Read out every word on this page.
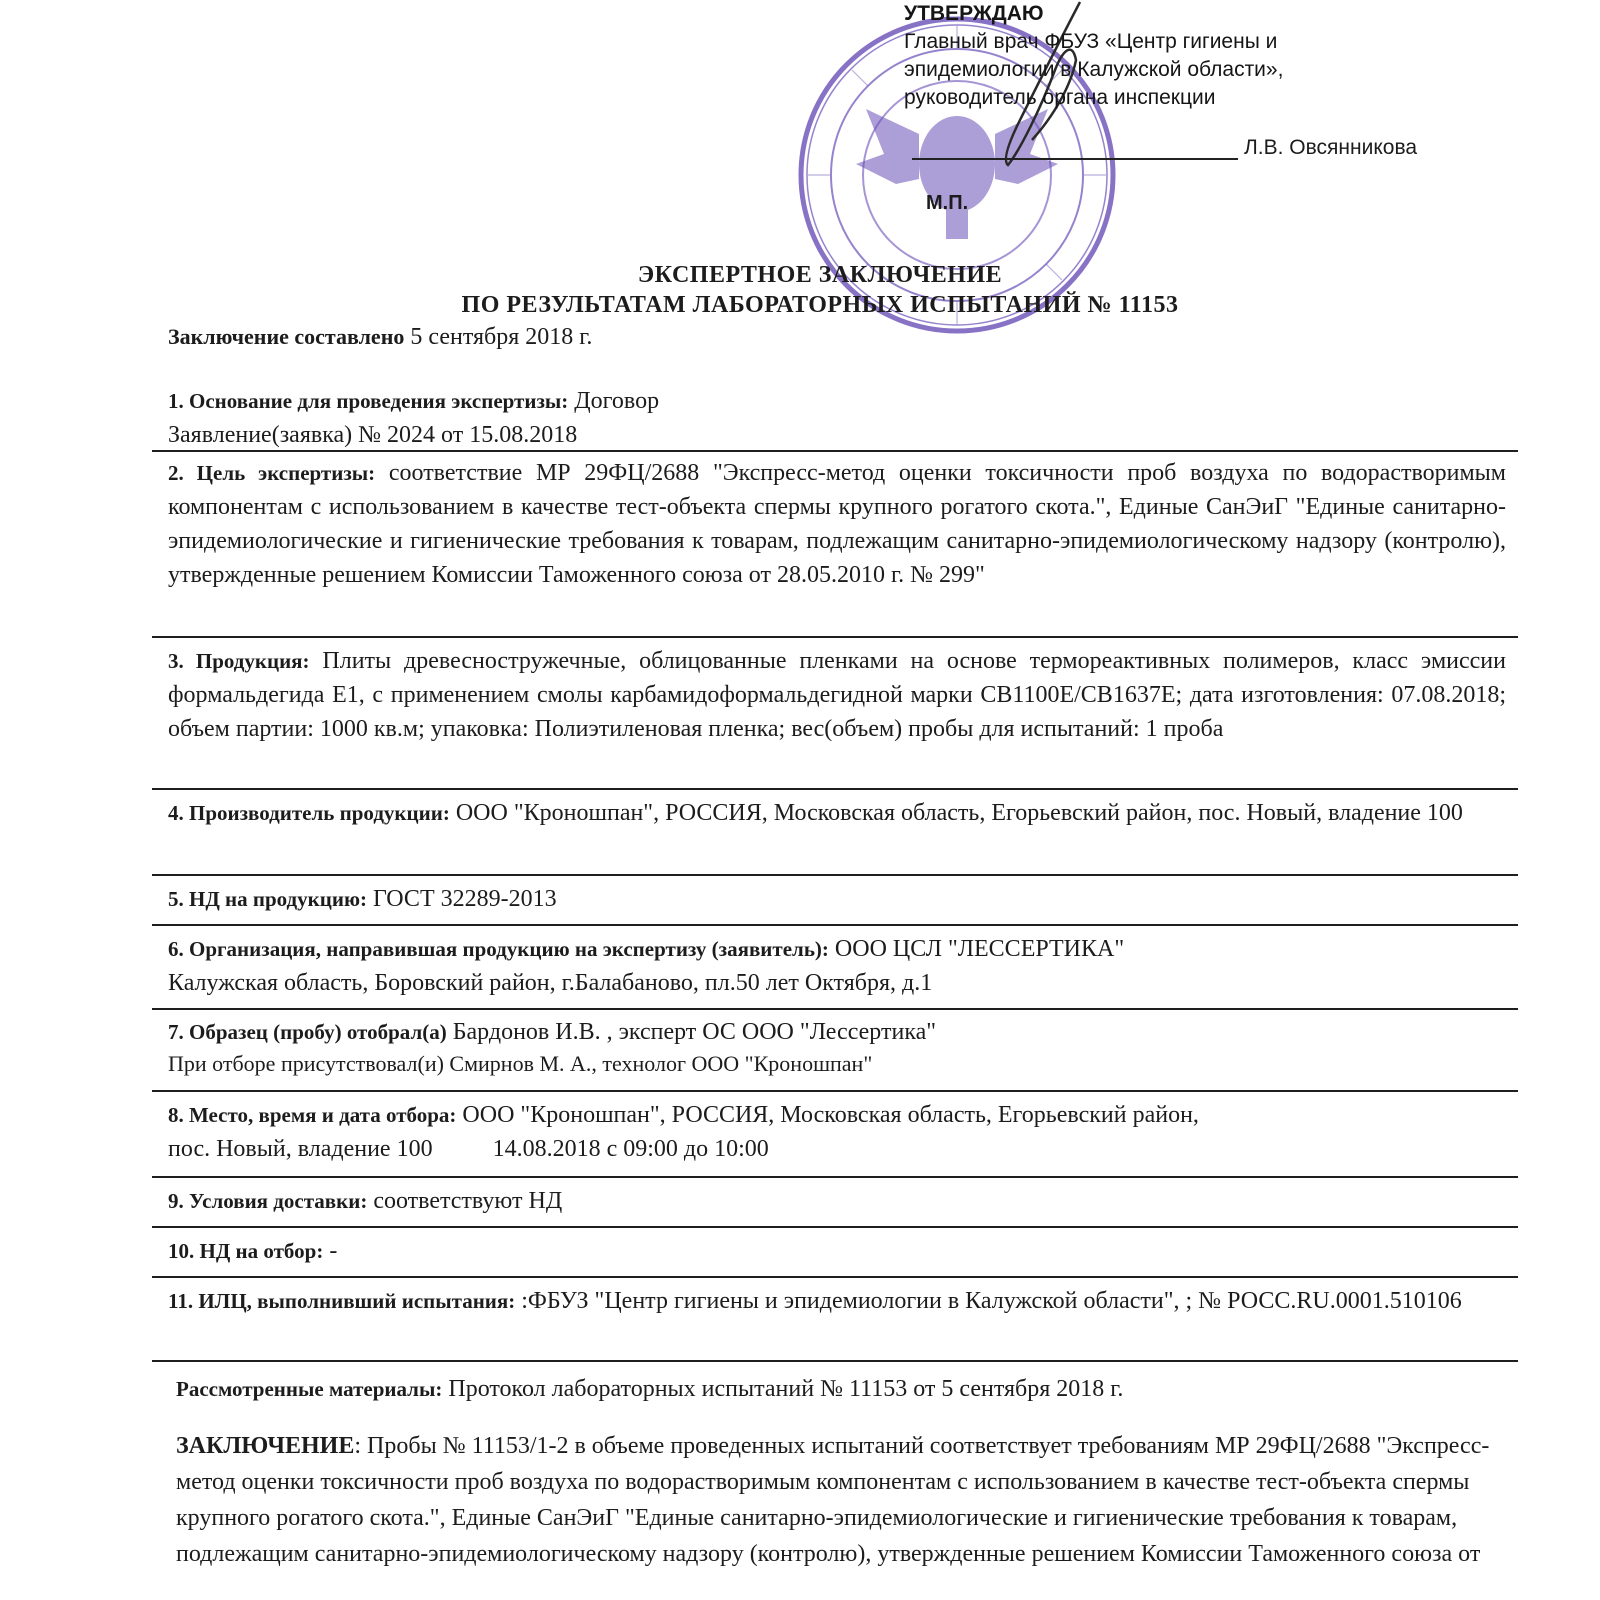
УТВЕРЖДАЮ
Главный врач ФБУЗ «Центр гигиены и
эпидемиологии в Калужской области»,
руководитель органа инспекции
Л.В. Овсянникова
М.П.
ЭКСПЕРТНОЕ ЗАКЛЮЧЕНИЕ
ПО РЕЗУЛЬТАТАМ ЛАБОРАТОРНЫХ ИСПЫТАНИЙ № 11153
Заключение составлено 5 сентября 2018 г.
1. Основание для проведения экспертизы: Договор
Заявление(заявка) № 2024 от 15.08.2018
2. Цель экспертизы: соответствие МР 29ФЦ/2688 "Экспресс-метод оценки токсичности проб воздуха по водорастворимым компонентам с использованием в качестве тест-объекта спермы крупного рогатого скота.", Единые СанЭиГ "Единые санитарно-эпидемиологические и гигиенические требования к товарам, подлежащим санитарно-эпидемиологическому надзору (контролю), утвержденные решением Комиссии Таможенного союза от 28.05.2010 г. № 299"
3. Продукция: Плиты древесностружечные, облицованные пленками на основе термореактивных полимеров, класс эмиссии формальдегида Е1, с применением смолы карбамидоформальдегидной марки СВ1100Е/СВ1637Е; дата изготовления: 07.08.2018; объем партии: 1000 кв.м; упаковка: Полиэтиленовая пленка; вес(объем) пробы для испытаний: 1 проба
4. Производитель продукции: ООО "Кроношпан", РОССИЯ, Московская область, Егорьевский район, пос. Новый, владение 100
5. НД на продукцию: ГОСТ 32289-2013
6. Организация, направившая продукцию на экспертизу (заявитель): ООО ЦСЛ "ЛЕССЕРТИКА"
Калужская область, Боровский район, г.Балабаново, пл.50 лет Октября, д.1
7. Образец (пробу) отобрал(а) Бардонов И.В. , эксперт ОС ООО "Лессертика"
При отборе присутствовал(и) Смирнов М. А., технолог ООО "Кроношпан"
8. Место, время и дата отбора: ООО "Кроношпан", РОССИЯ, Московская область, Егорьевский район,
пос. Новый, владение 100          14.08.2018 с 09:00 до 10:00
9. Условия доставки: соответствуют НД
10. НД на отбор: -
11. ИЛЦ, выполнивший испытания: :ФБУЗ "Центр гигиены и эпидемиологии в Калужской области", ; № РОСС.RU.0001.510106
Рассмотренные материалы: Протокол лабораторных испытаний № 11153 от 5 сентября 2018 г.
ЗАКЛЮЧЕНИЕ: Пробы № 11153/1-2 в объеме проведенных испытаний соответствует требованиям МР 29ФЦ/2688 "Экспресс-метод оценки токсичности проб воздуха по водорастворимым компонентам с использованием в качестве тест-объекта спермы крупного рогатого скота.", Единые СанЭиГ "Единые санитарно-эпидемиологические и гигиенические требования к товарам, подлежащим санитарно-эпидемиологическому надзору (контролю), утвержденные решением Комиссии Таможенного союза от
